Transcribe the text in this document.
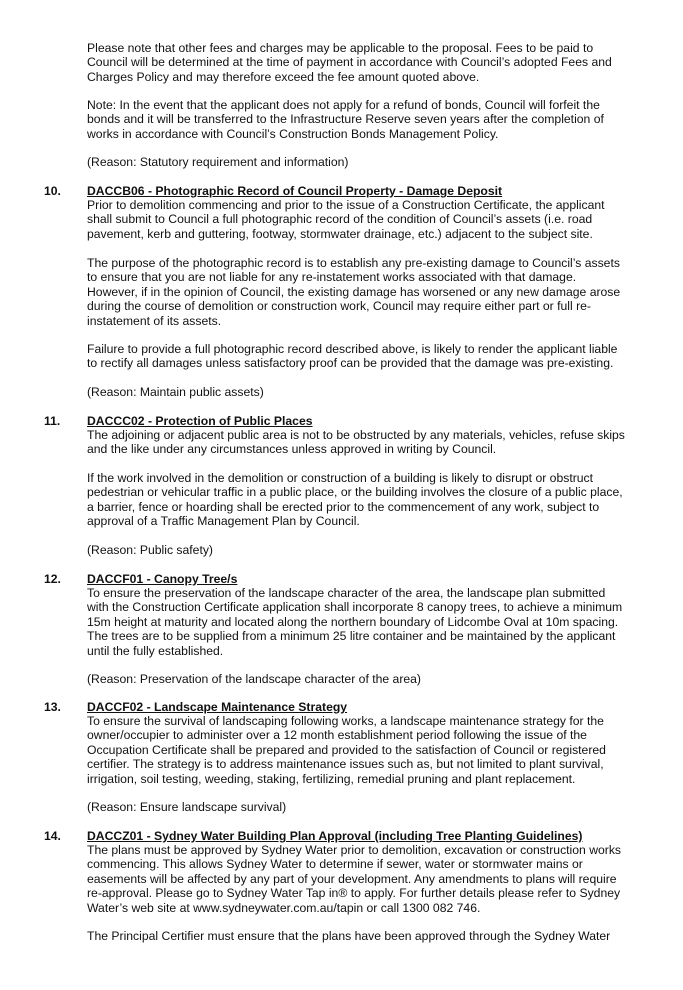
Please note that other fees and charges may be applicable to the proposal. Fees to be paid to
Council will be determined at the time of payment in accordance with Council’s adopted Fees and
Charges Policy and may therefore exceed the fee amount quoted above.
Note: In the event that the applicant does not apply for a refund of bonds, Council will forfeit the
bonds and it will be transferred to the Infrastructure Reserve seven years after the completion of
works in accordance with Council’s Construction Bonds Management Policy.
(Reason: Statutory requirement and information)
10. DACCB06 - Photographic Record of Council Property - Damage Deposit
Prior to demolition commencing and prior to the issue of a Construction Certificate, the applicant
shall submit to Council a full photographic record of the condition of Council’s assets (i.e. road
pavement, kerb and guttering, footway, stormwater drainage, etc.) adjacent to the subject site.
The purpose of the photographic record is to establish any pre-existing damage to Council’s assets
to ensure that you are not liable for any re-instatement works associated with that damage.
However, if in the opinion of Council, the existing damage has worsened or any new damage arose
during the course of demolition or construction work, Council may require either part or full re-
instatement of its assets.
Failure to provide a full photographic record described above, is likely to render the applicant liable
to rectify all damages unless satisfactory proof can be provided that the damage was pre-existing.
(Reason: Maintain public assets)
11. DACCC02 - Protection of Public Places
The adjoining or adjacent public area is not to be obstructed by any materials, vehicles, refuse skips
and the like under any circumstances unless approved in writing by Council.
If the work involved in the demolition or construction of a building is likely to disrupt or obstruct
pedestrian or vehicular traffic in a public place, or the building involves the closure of a public place,
a barrier, fence or hoarding shall be erected prior to the commencement of any work, subject to
approval of a Traffic Management Plan by Council.
(Reason: Public safety)
12. DACCF01 - Canopy Tree/s
To ensure the preservation of the landscape character of the area, the landscape plan submitted
with the Construction Certificate application shall incorporate 8 canopy trees, to achieve a minimum
15m height at maturity and located along the northern boundary of Lidcombe Oval at 10m spacing.
The trees are to be supplied from a minimum 25 litre container and be maintained by the applicant
until the fully established.
(Reason: Preservation of the landscape character of the area)
13. DACCF02 - Landscape Maintenance Strategy
To ensure the survival of landscaping following works, a landscape maintenance strategy for the
owner/occupier to administer over a 12 month establishment period following the issue of the
Occupation Certificate shall be prepared and provided to the satisfaction of Council or registered
certifier. The strategy is to address maintenance issues such as, but not limited to plant survival,
irrigation, soil testing, weeding, staking, fertilizing, remedial pruning and plant replacement.
(Reason: Ensure landscape survival)
14. DACCZ01 - Sydney Water Building Plan Approval (including Tree Planting Guidelines)
The plans must be approved by Sydney Water prior to demolition, excavation or construction works
commencing. This allows Sydney Water to determine if sewer, water or stormwater mains or
easements will be affected by any part of your development. Any amendments to plans will require
re-approval. Please go to Sydney Water Tap in® to apply. For further details please refer to Sydney
Water’s web site at www.sydneywater.com.au/tapin or call 1300 082 746.
The Principal Certifier must ensure that the plans have been approved through the Sydney Water
